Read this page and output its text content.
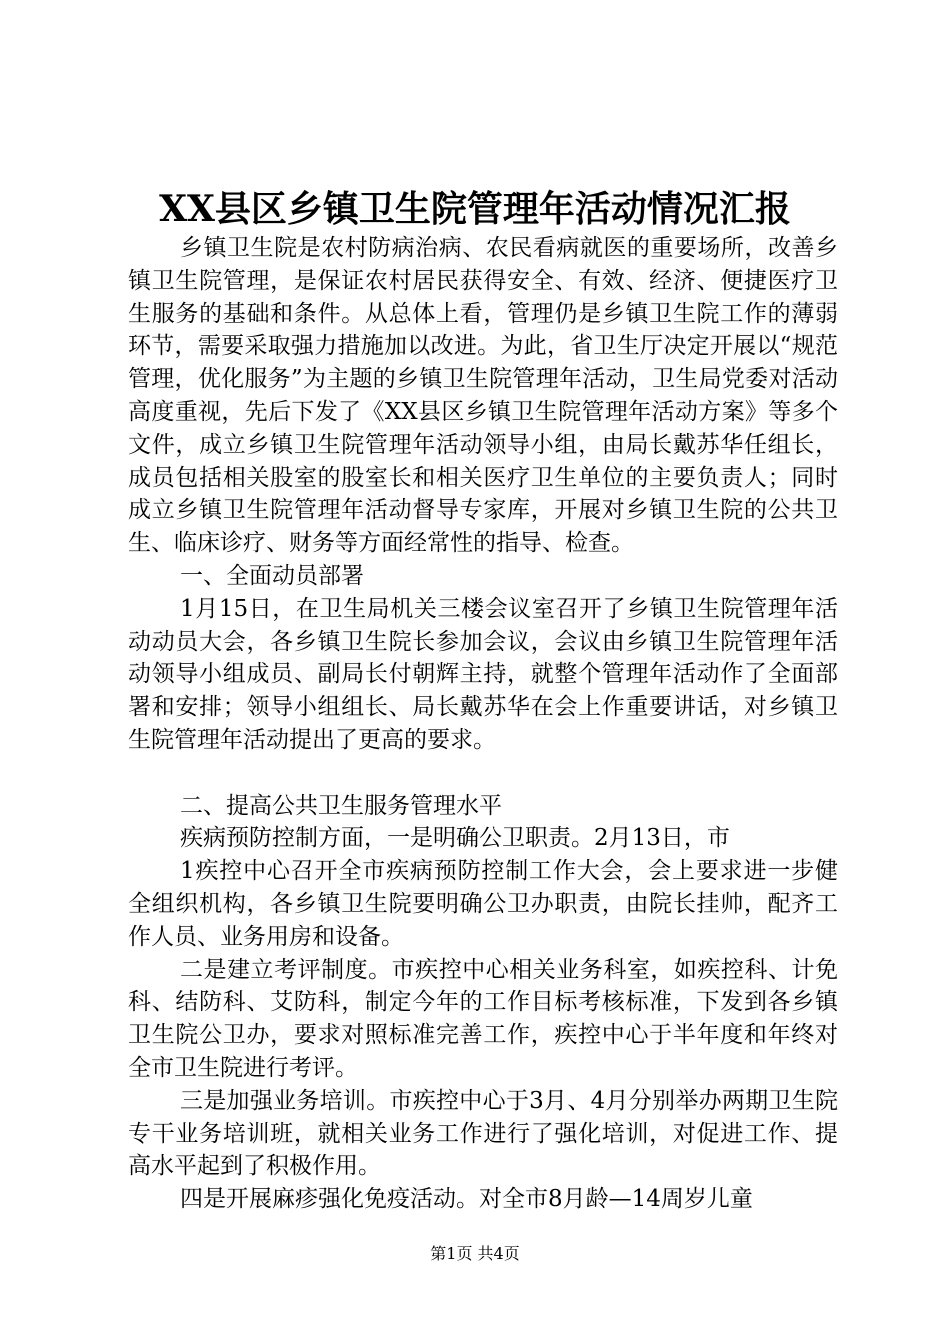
XX县区乡镇卫生院管理年活动情况汇报

乡镇卫生院是农村防病治病、农民看病就医的重要场所，改善乡镇卫生院管理，是保证农村居民获得安全、有效、经济、便捷医疗卫生服务的基础和条件。从总体上看，管理仍是乡镇卫生院工作的薄弱环节，需要采取强力措施加以改进。为此，省卫生厅决定开展以“规范管理，优化服务”为主题的乡镇卫生院管理年活动，卫生局党委对活动高度重视，先后下发了《XX县区乡镇卫生院管理年活动方案》等多个文件，成立乡镇卫生院管理年活动领导小组，由局长戴苏华任组长，成员包括相关股室的股室长和相关医疗卫生单位的主要负责人；同时成立乡镇卫生院管理年活动督导专家库，开展对乡镇卫生院的公共卫生、临床诊疗、财务等方面经常性的指导、检查。

一、全面动员部署

1月15日，在卫生局机关三楼会议室召开了乡镇卫生院管理年活动动员大会，各乡镇卫生院长参加会议，会议由乡镇卫生院管理年活动领导小组成员、副局长付朝辉主持，就整个管理年活动作了全面部署和安排；领导小组组长、局长戴苏华在会上作重要讲话，对乡镇卫生院管理年活动提出了更高的要求。

二、提高公共卫生服务管理水平

疾病预防控制方面，一是明确公卫职责。2月13日，市

1疾控中心召开全市疾病预防控制工作大会，会上要求进一步健全组织机构，各乡镇卫生院要明确公卫办职责，由院长挂帅，配齐工作人员、业务用房和设备。

二是建立考评制度。市疾控中心相关业务科室，如疾控科、计免科、结防科、艾防科，制定今年的工作目标考核标准，下发到各乡镇卫生院公卫办，要求对照标准完善工作，疾控中心于半年度和年终对全市卫生院进行考评。

三是加强业务培训。市疾控中心于3月、4月分别举办两期卫生院专干业务培训班，就相关业务工作进行了强化培训，对促进工作、提高水平起到了积极作用。

四是开展麻疹强化免疫活动。对全市8月龄—14周岁儿童

第1页 共4页
